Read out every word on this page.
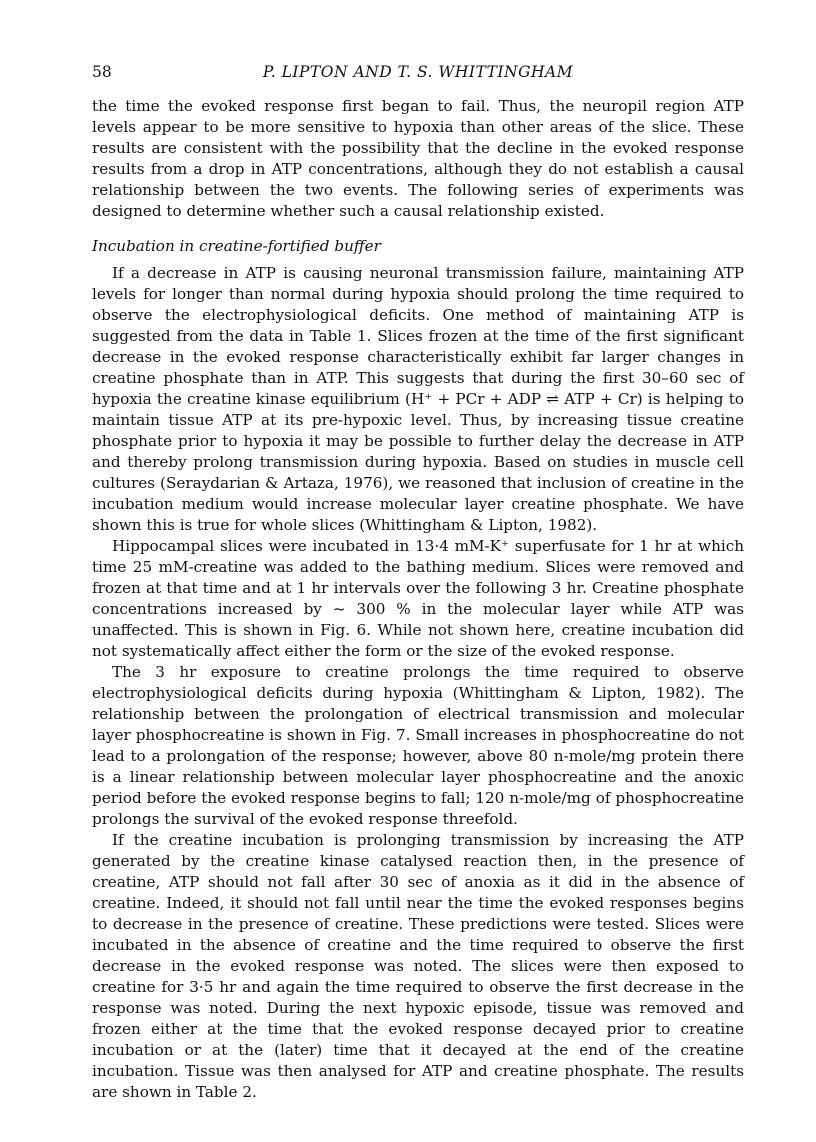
58	P. LIPTON AND T. S. WHITTINGHAM

the time the evoked response first began to fail. Thus, the neuropil region ATP levels appear to be more sensitive to hypoxia than other areas of the slice. These results are consistent with the possibility that the decline in the evoked response results from a drop in ATP concentrations, although they do not establish a causal relationship between the two events. The following series of experiments was designed to determine whether such a causal relationship existed.

Incubation in creatine-fortified buffer

If a decrease in ATP is causing neuronal transmission failure, maintaining ATP levels for longer than normal during hypoxia should prolong the time required to observe the electrophysiological deficits. One method of maintaining ATP is suggested from the data in Table 1. Slices frozen at the time of the first significant decrease in the evoked response characteristically exhibit far larger changes in creatine phosphate than in ATP. This suggests that during the first 30–60 sec of hypoxia the creatine kinase equilibrium (H⁺ + PCr + ADP ⇌ ATP + Cr) is helping to maintain tissue ATP at its pre-hypoxic level. Thus, by increasing tissue creatine phosphate prior to hypoxia it may be possible to further delay the decrease in ATP and thereby prolong transmission during hypoxia. Based on studies in muscle cell cultures (Seraydarian & Artaza, 1976), we reasoned that inclusion of creatine in the incubation medium would increase molecular layer creatine phosphate. We have shown this is true for whole slices (Whittingham & Lipton, 1982).

Hippocampal slices were incubated in 13·4 mM-K⁺ superfusate for 1 hr at which time 25 mM-creatine was added to the bathing medium. Slices were removed and frozen at that time and at 1 hr intervals over the following 3 hr. Creatine phosphate concentrations increased by ~ 300 % in the molecular layer while ATP was unaffected. This is shown in Fig. 6. While not shown here, creatine incubation did not systematically affect either the form or the size of the evoked response.

The 3 hr exposure to creatine prolongs the time required to observe electrophysiological deficits during hypoxia (Whittingham & Lipton, 1982). The relationship between the prolongation of electrical transmission and molecular layer phosphocreatine is shown in Fig. 7. Small increases in phosphocreatine do not lead to a prolongation of the response; however, above 80 n-mole/mg protein there is a linear relationship between molecular layer phosphocreatine and the anoxic period before the evoked response begins to fall; 120 n-mole/mg of phosphocreatine prolongs the survival of the evoked response threefold.

If the creatine incubation is prolonging transmission by increasing the ATP generated by the creatine kinase catalysed reaction then, in the presence of creatine, ATP should not fall after 30 sec of anoxia as it did in the absence of creatine. Indeed, it should not fall until near the time the evoked responses begins to decrease in the presence of creatine. These predictions were tested. Slices were incubated in the absence of creatine and the time required to observe the first decrease in the evoked response was noted. The slices were then exposed to creatine for 3·5 hr and again the time required to observe the first decrease in the response was noted. During the next hypoxic episode, tissue was removed and frozen either at the time that the evoked response decayed prior to creatine incubation or at the (later) time that it decayed at the end of the creatine incubation. Tissue was then analysed for ATP and creatine phosphate. The results are shown in Table 2.
